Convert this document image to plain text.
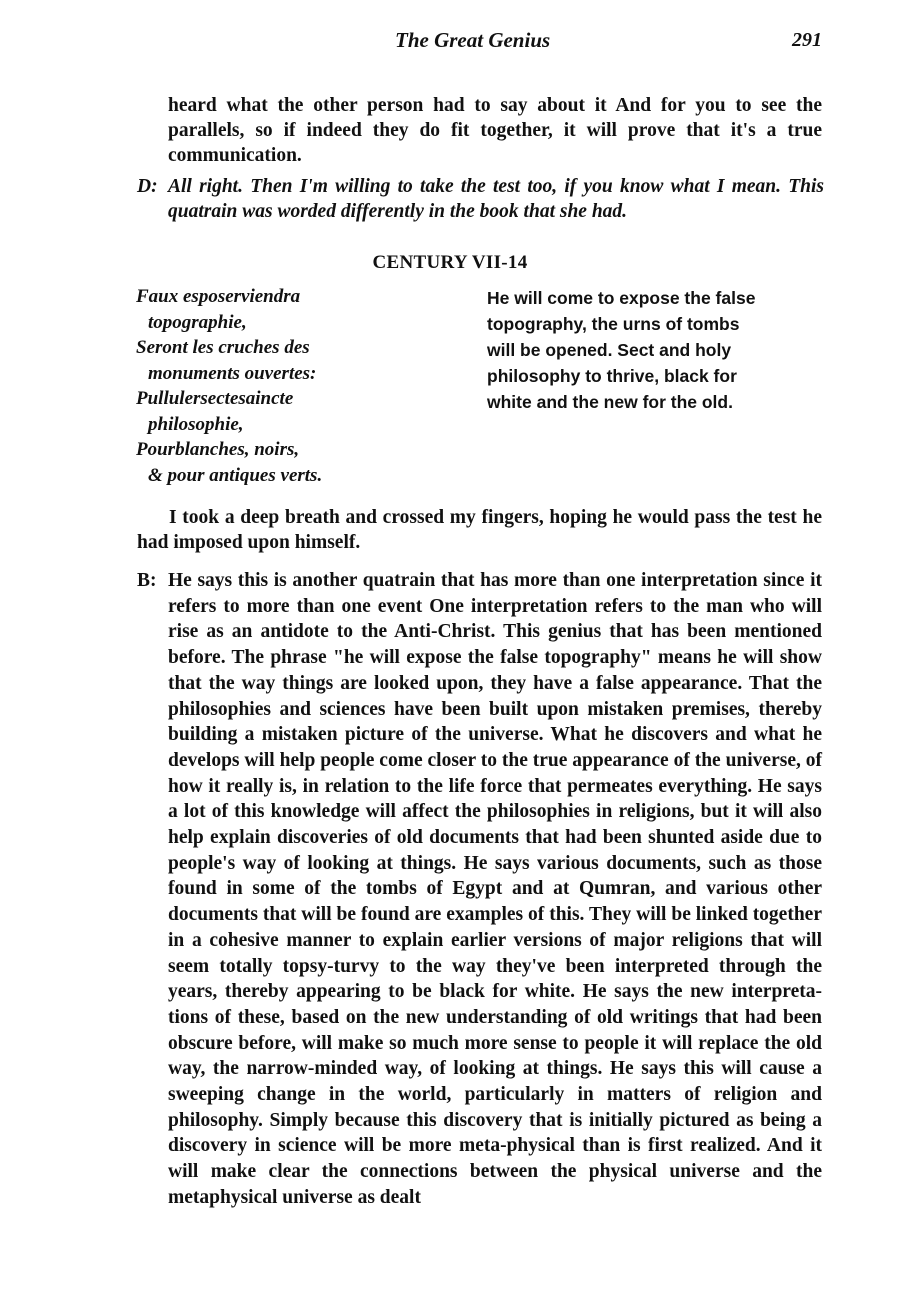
The Great Genius	291
heard what the other person had to say about it And for you to see the parallels, so if indeed they do fit together, it will prove that it's a true communication.
D: All right. Then I'm willing to take the test too, if you know what I mean. This quatrain was worded differently in the book that she had.
CENTURY VII-14
Faux esposerviendra
topographie,
Seront les cruches des
monuments ouvertes:
Pullulersectesaincte
philosophie,
Pourblanches, noirs,
& pour antiques verts.
He will come to expose the false
topography, the urns of tombs
will be opened. Sect and holy
philosophy to thrive, black for
white and the new for the old.
I took a deep breath and crossed my fingers, hoping he would pass the test he had imposed upon himself.
B: He says this is another quatrain that has more than one interpretation since it refers to more than one event One interpretation refers to the man who will rise as an antidote to the Anti-Christ. This genius that has been mentioned before. The phrase "he will expose the false topography" means he will show that the way things are looked upon, they have a false appearance. That the philosophies and sciences have been built upon mistaken premises, thereby building a mistaken picture of the universe. What he discovers and what he develops will help people come closer to the true appearance of the universe, of how it really is, in relation to the life force that permeates everything. He says a lot of this knowledge will affect the philosophies in religions, but it will also help explain discoveries of old documents that had been shunted aside due to people's way of looking at things. He says various documents, such as those found in some of the tombs of Egypt and at Qumran, and various other documents that will be found are examples of this. They will be linked together in a cohesive manner to explain earlier versions of major religions that will seem totally topsy-turvy to the way they've been interpreted through the years, thereby appearing to be black for white. He says the new interpreta-tions of these, based on the new understanding of old writings that had been obscure before, will make so much more sense to people it will replace the old way, the narrow-minded way, of looking at things. He says this will cause a sweeping change in the world, particularly in matters of religion and philosophy. Simply because this discovery that is initially pictured as being a discovery in science will be more meta-physical than is first realized. And it will make clear the connections between the physical universe and the metaphysical universe as dealt
